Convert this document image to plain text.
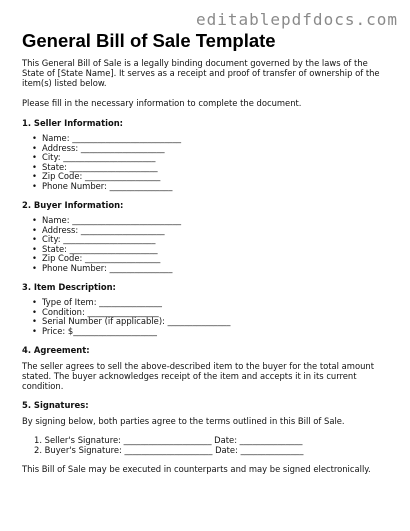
editablepdfdocs.com
General Bill of Sale Template

This General Bill of Sale is a legally binding document governed by the laws of the State of [State Name]. It serves as a receipt and proof of transfer of ownership of the item(s) listed below.

Please fill in the necessary information to complete the document.

1. Seller Information:
• Name: __________________________
• Address: ____________________
• City: ______________________
• State: _____________________
• Zip Code: __________________
• Phone Number: _______________
2. Buyer Information:
• Name: __________________________
• Address: ____________________
• City: ______________________
• State: _____________________
• Zip Code: __________________
• Phone Number: _______________
3. Item Description:
• Type of Item: _______________
• Condition: _________________
• Serial Number (if applicable): _______________
• Price: $____________________
4. Agreement:

The seller agrees to sell the above-described item to the buyer for the total amount stated. The buyer acknowledges receipt of the item and accepts it in its current condition.

5. Signatures:

By signing below, both parties agree to the terms outlined in this Bill of Sale.

1. Seller's Signature: _____________________ Date: _______________
2. Buyer's Signature: _____________________ Date: _______________

This Bill of Sale may be executed in counterparts and may be signed electronically.
